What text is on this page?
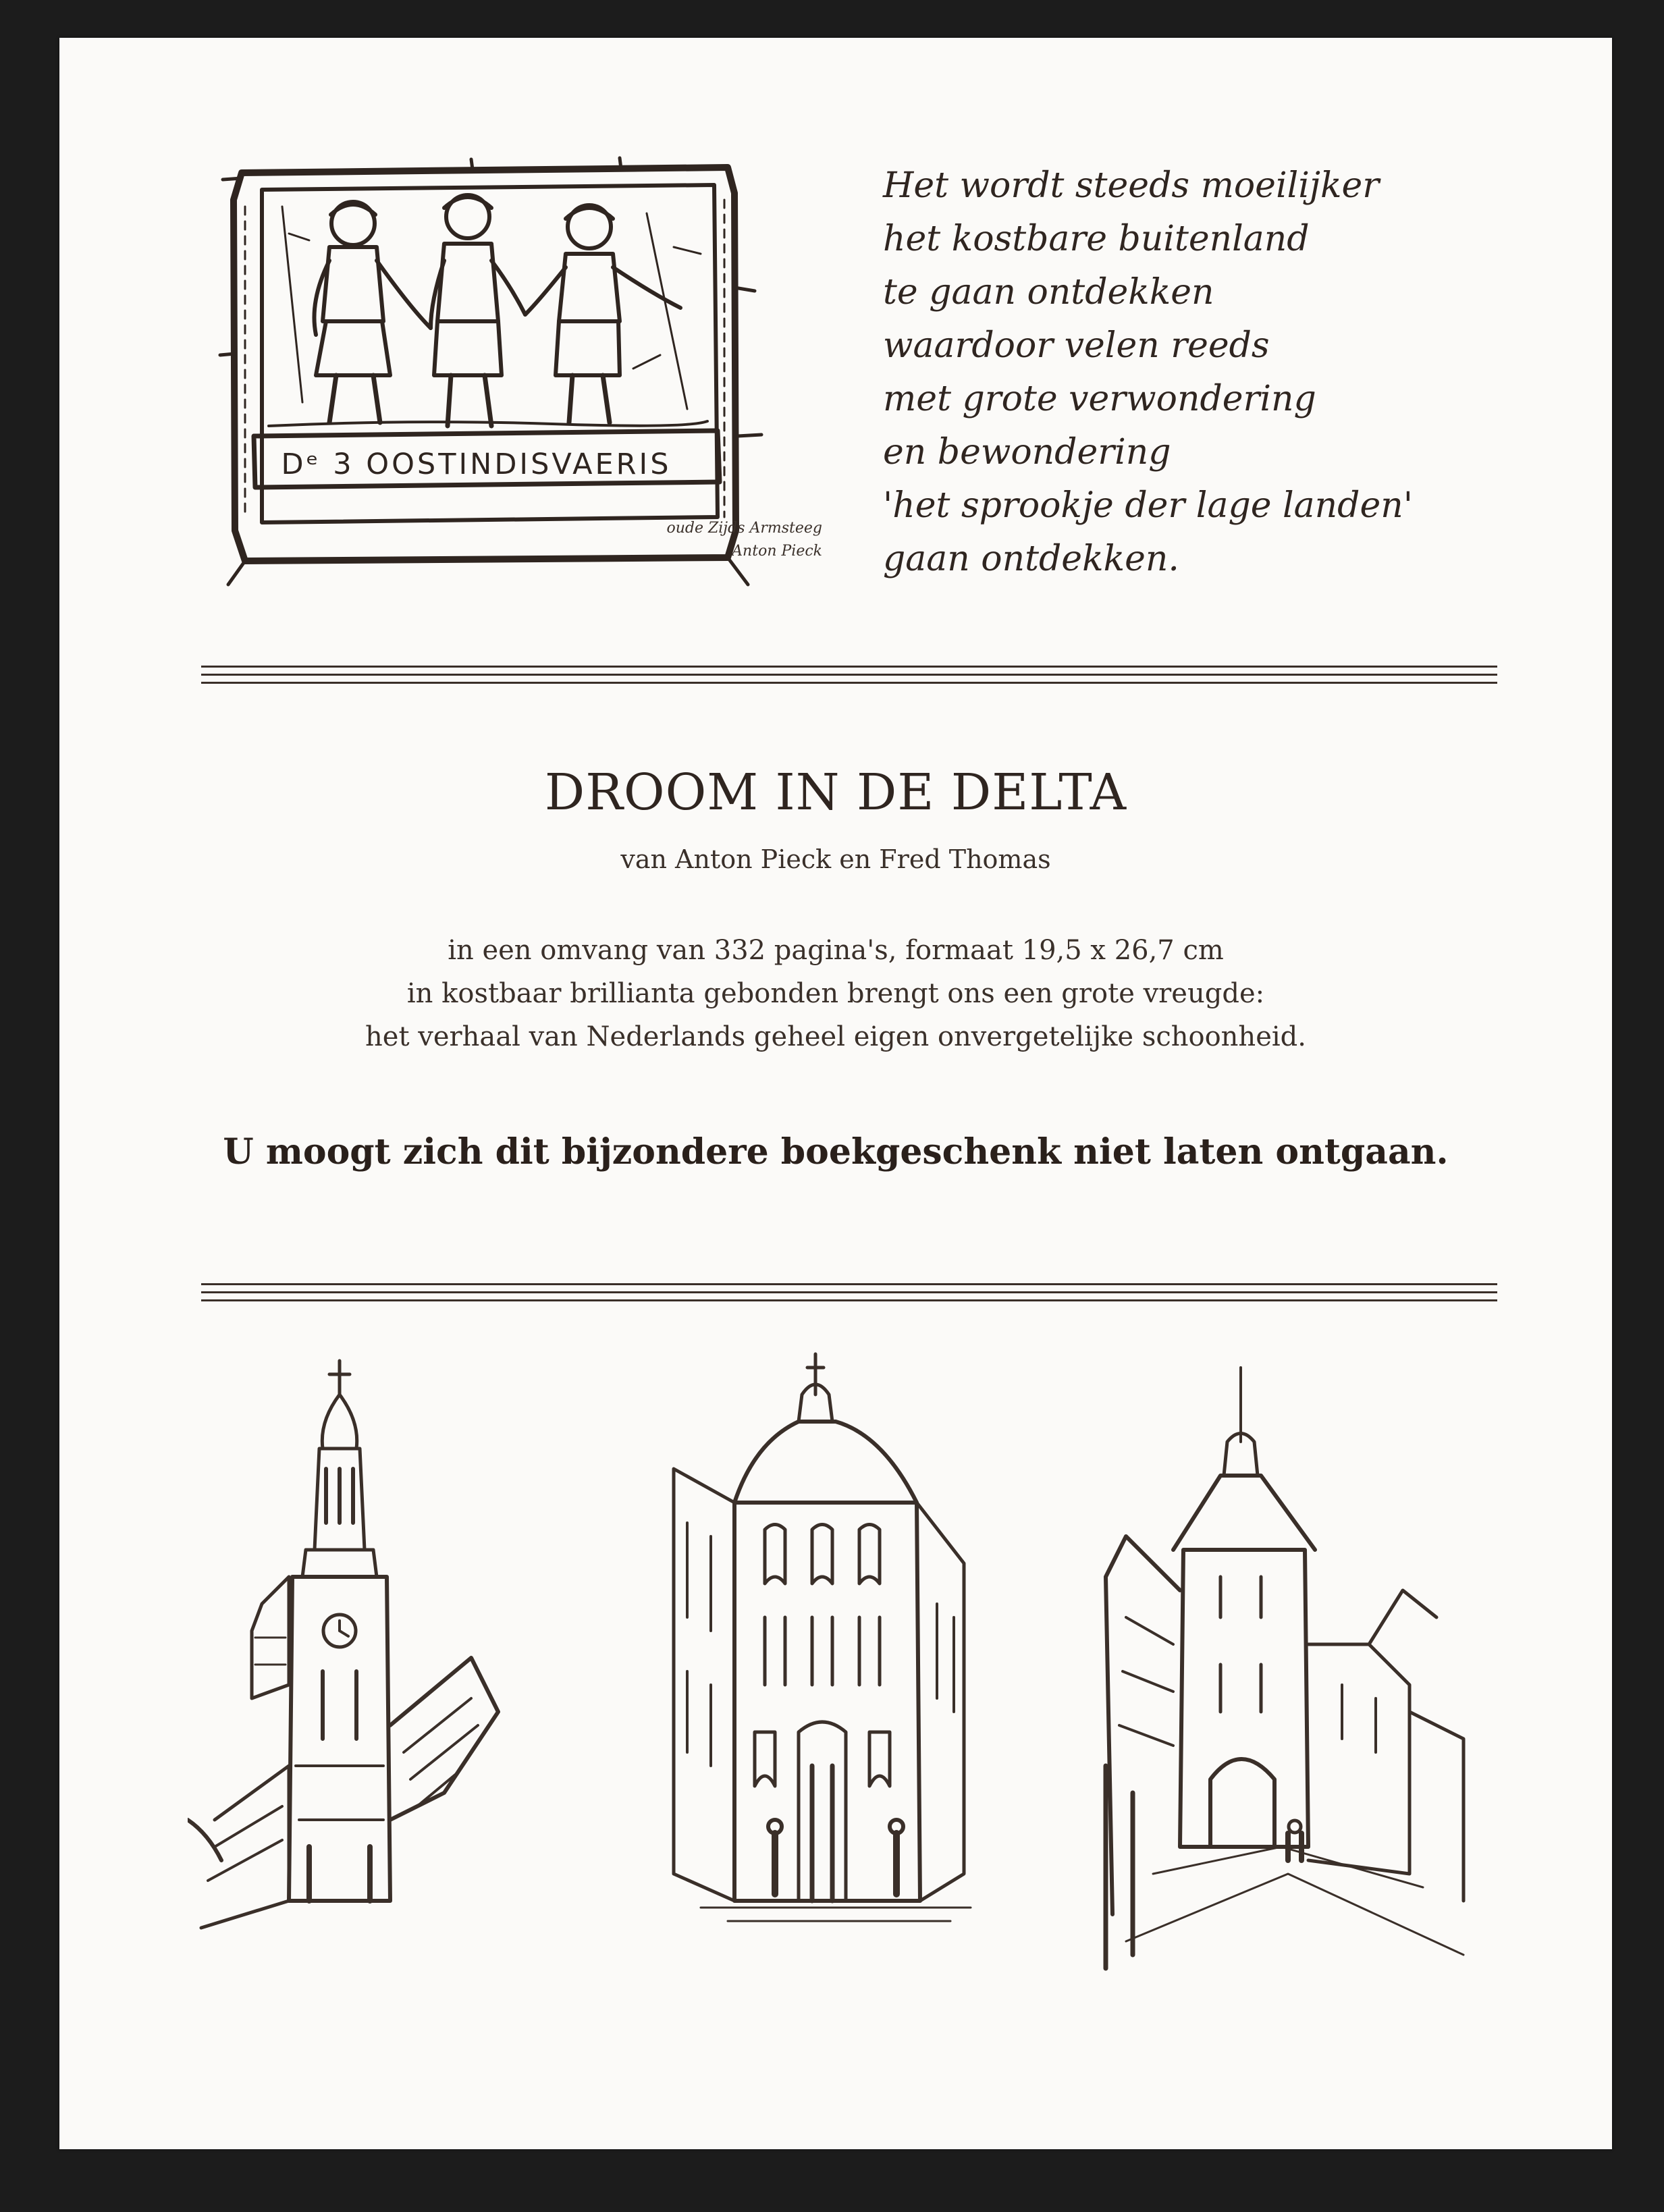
Dᵉ 3 OOSTINDISVAERIS
oude Zijds Armsteeg
Anton Pieck
Het wordt steeds moeilijker
het kostbare buitenland
te gaan ontdekken
waardoor velen reeds
met grote verwondering
en bewondering
'het sprookje der lage landen'
gaan ontdekken.
DROOM IN DE DELTA
van Anton Pieck en Fred Thomas
in een omvang van 332 pagina's, formaat 19,5 x 26,7 cm
in kostbaar brillianta gebonden brengt ons een grote vreugde:
het verhaal van Nederlands geheel eigen onvergetelijke schoonheid.
U moogt zich dit bijzondere boekgeschenk niet laten ontgaan.
